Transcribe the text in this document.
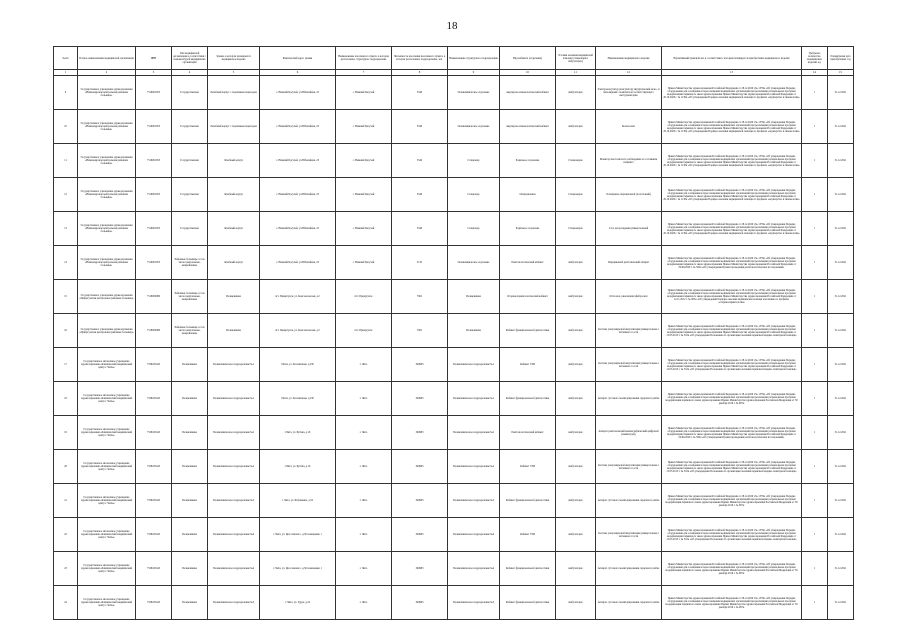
18
№п/п	Полное наименование медицинской организации	ИНН	Тип медицинской организации в соответствии с номенклатурой медицинских организаций	Здание, в котором размещается медицинское изделие	Фактический адрес здания	Наименование населенного пункта, в котором расположено структурное подразделение	Численность населения населенного пункта, в котором расположено подразделение, чел.	Наименование структурного подразделения	Вид кабинета (отделения)	Условия оказания медицинской помощи (стационарно/амбулаторно)	Наименование медицинского изделия	Нормативный правовой акт, в соответствии с которым планируется приобретение медицинского изделия	Требуемое количество медицинских изделий, ед.	Планируемая дата приобретения, год
1	2	3	4	5	6	7	8	9	10	11	12	13	14	15
9	Государственное учреждение здравоохранения «Нижнецарская центральная районная больница»	7516001953	Государственная	Лечебный корпус с подземным переходом	с. Нижний Цасучей, ул.Юбилейная, 23	с. Нижний Цасучей	3540	Поликлиническое отделение	Акушерско-гинекологический кабинет	Амбулаторно	Электрокоагулятор (коагулятор) хирургический моно- и биполярный с комплектом соответствующего инструментария	Приказ Министерства здравоохранения Российской Федерации от 28.12.2020 г.№ 1379н «Об утверждении Порядка оборудования для оснащения и переоснащения медицинских организаций при реализации региональных программ модернизации первичного звена здравоохранения Приказ Министерства здравоохранения Российской Федерации от 20.10.2020 г. № 1130н «Об утверждении Порядка оказания медицинской помощи по профилю «акушерство и гинекология»	1	31.12.2021
10	Государственное учреждение здравоохранения «Нижнецарская центральная районная больница»	7516001953	Государственная	Лечебный корпус с подземным переходом	с. Нижний Цасучей, ул.Юбилейная, 23	с. Нижний Цасучей	3540	Поликлиническое отделение	Акушерско-гинекологический кабинет	Амбулаторно	Кольпоскоп	Приказ Министерства здравоохранения Российской Федерации от 28.12.2020 г.№ 1379н «Об утверждении Порядка оборудования для оснащения и переоснащения медицинских организаций при реализации региональных программ модернизации первичного звена здравоохранения Приказ Министерства здравоохранения Российской Федерации от 20.10.2020 г. № 1130н «Об утверждении Порядка оказания медицинской помощи по профилю «акушерство и гинекология»	1	31.12.2021
11	Государственное учреждение здравоохранения «Нижнецарская центральная районная больница»	7516001953	Государственная	Лечебный корпус	с. Нижний Цасучей, ул.Юбилейная, 23	с. Нижний Цасучей	3540	Стационар	Родильное отделение	Стационарно	Монитор анестезиолога, наблюдения за состоянием пациента	Приказ Министерства здравоохранения Российской Федерации от 28.12.2020 г.№ 1379н «Об утверждении Порядка оборудования для оснащения и переоснащения медицинских организаций при реализации региональных программ модернизации первичного звена здравоохранения Приказ Министерства здравоохранения Российской Федерации от 20.10.2020 г. № 1130н «Об утверждении Порядка оказания медицинской помощи по профилю «акушерство и гинекология»	1	31.12.2021
12	Государственное учреждение здравоохранения «Нижнецарская центральная районная больница»	7516001953	Государственная	Лечебный корпус	с. Нижний Цасучей, ул.Юбилейная, 23	с. Нижний Цасучей	3540	Стационар	Операционная	Стационарно	Оснащение операционной (пототечный)	Приказ Министерства здравоохранения Российской Федерации от 28.12.2020 г.№ 1379н «Об утверждении Порядка оборудования для оснащения и переоснащения медицинских организаций при реализации региональных программ модернизации первичного звена здравоохранения Приказ Министерства здравоохранения Российской Федерации от 20.10.2020 г. № 1130н «Об утверждении Порядка оказания медицинской помощи по профилю «акушерство и гинекология»	1	31.12.2021
13	Государственное учреждение здравоохранения «Нижнецарская центральная районная больница»	7516001953	Государственная	Лечебный корпус	с. Нижний Цасучей, ул.Юбилейная, 23	с. Нижний Цасучей	3540	Стационар	Родильное отделение	Стационарно	Стол деторождения универсальный	Приказ Министерства здравоохранения Российской Федерации от 28.12.2020 г.№ 1379н «Об утверждении Порядка оборудования для оснащения и переоснащения медицинских организаций при реализации региональных программ модернизации первичного звена здравоохранения Приказ Министерства здравоохранения Российской Федерации от 20.10.2020 г. № 1130н «Об утверждении Порядка оказания медицинской помощи по профилю «акушерство и гинекология»	1	31.12.2021
14	Государственное учреждение здравоохранения «Нижнецарская центральная районная больница»	7516001953	Районные больницы, в том числе центральные, межрайонные	Лечебный корпус	с. Нижний Цасучей, ул.Юбилейная, 23	с. Нижний Цасучей	3132	Поликлиническое отделение	Рентгенологический кабинет	Амбулаторно	Передвижной рентгеновский аппарат	Приказ Министерства здравоохранения Российской Федерации от 28.12.2020 г.№ 1379н «Об утверждении Порядка оборудования для оснащения и переоснащения медицинских организаций при реализации региональных программ модернизации первичного звена здравоохранения Приказ Министерства здравоохранения Российской Федерации от 09.06.2020 г. № 560н «Об утверждении Правил проведения рентгенологических исследований»	1	31.12.2021
15	Государственное учреждение здравоохранения «Приаргунская центральная районная больница»	7518000980	Районные больницы, в том числе центральные, межрайонные	Поликлиника	пгт. Приаргунск, ул. Комсомольская, д.2	пгт. Приаргунск	7061	Поликлиника	Оториноларингологический кабинет	Амбулаторно	Оптоскоп, риноларингофиброскоп	Приказ Министерства здравоохранения Российской Федерации от 28.12.2020 г.№ 1379н «Об утверждении Порядка оборудования для оснащения и переоснащения медицинских организаций при реализации региональных программ модернизации первичного звена здравоохранения Приказ Министерства здравоохранения Российской Федерации от 12.11.2012 г. № 905н «Об утверждении Порядка оказания медицинской помощи населению по профилю «оториноларингология»	1	31.12.2021
16	Государственное учреждение здравоохранения «Приаргунская центральная районная больница»	7518000980	Районные больницы, в том числе центральные, межрайонные	Поликлиника	пгт. Приаргунск, ул. Комсомольская, д.2	пгт. Приаргунск	7061	Поликлиника	Кабинет функциональной диагностики	Амбулаторно	Система ультразвуковой визуализации универсальная с питанием от сети	Приказ Министерства здравоохранения Российской Федерации от 28.12.2020 г.№ 1379н «Об утверждении Порядка оборудования для оснащения и переоснащения медицинских организаций при реализации региональных программ модернизации первичного звена здравоохранения Приказ Министерства здравоохранения Российской Федерации от 15.03.2013 г. № 510н «Об утверждении Положения об организации оказания первичной медико-санитарной помощи»	1	31.12.2021
17	Государственное автономное учреждение здравоохранения «Клинический медицинский центр г. Читы»	7536165445	Поликлиника	Поликлиническое подразделение №1	г.Чита, ул. Богомягкова, д.23б	г. Чита	349983	Поликлиническое подразделение №1	Кабинет УЗИ	Амбулаторно	Система ультразвуковой визуализации универсальная с питанием от сети	Приказ Министерства здравоохранения Российской Федерации от 28.12.2020 г.№ 1379н «Об утверждении Порядка оборудования для оснащения и переоснащения медицинских организаций при реализации региональных программ модернизации первичного звена здравоохранения Приказ Министерства здравоохранения Российской Федерации от 15.03.2013 г. № 510н «Об утверждении Положения об организации оказания первичной медико-санитарной помощи»	1	31.12.2021
18	Государственное автономное учреждение здравоохранения «Клинический медицинский центр г. Читы»	7536165445	Поликлиника	Поликлиническое подразделение №1	г.Чита, ул. Богомягкова, д.23б	г. Чита	349983	Поликлиническое подразделение №1	Кабинет функциональной диагностики	Амбулаторно	Аппарат суточного мониторирования сердечного ритма	Приказ Министерства здравоохранения Российской Федерации от 28.12.2020 г.№ 1379н «Об утверждении Порядка оборудования для оснащения и переоснащения медицинских организаций при реализации региональных программ модернизации первичного звена здравоохранения Приказ Министерства здравоохранения Российской Федерации от 30 декабря 2016 г. № 997н	1	31.12.2021
19	Государственное автономное учреждение здравоохранения «Клинический медицинский центр г. Читы»	7536165445	Поликлиника	Поликлиническое подразделение №2	г.Чита, ул. Бутина, д.16	г. Чита	349983	Поликлиническое подразделение №2	Рентгенологический кабинет	Амбулаторно	Аппарат рентгеновский маммографический цифровой (маммограф)	Приказ Министерства здравоохранения Российской Федерации от 28.12.2020 г.№ 1379н «Об утверждении Порядка оборудования для оснащения и переоснащения медицинских организаций при реализации региональных программ модернизации первичного звена здравоохранения Приказ Министерства здравоохранения Российской Федерации от 09.06.2020 г. № 560н «Об утверждении Правил проведения рентгенологических исследований»	1	31.12.2021
20	Государственное автономное учреждение здравоохранения «Клинический медицинский центр г. Читы»	7536165445	Поликлиника	Поликлиническое подразделение №2	г.Чита, ул. Бутина, д.16	г. Чита	349983	Поликлиническое подразделение №2	Кабинет УЗИ	Амбулаторно	Система ультразвуковой визуализации универсальная с питанием от сети	Приказ Министерства здравоохранения Российской Федерации от 28.12.2020 г.№ 1379н «Об утверждении Порядка оборудования для оснащения и переоснащения медицинских организаций при реализации региональных программ модернизации первичного звена здравоохранения Приказ Министерства здравоохранения Российской Федерации от 15.03.2013 г. № 510н «Об утверждении Положения об организации оказания первичной медико-санитарной помощи»	1	31.12.2021
21	Государственное автономное учреждение здравоохранения «Клинический медицинский центр г. Читы»	7536165445	Поликлиника	Поликлиническое подразделение №3	г. Чита, ул. Бабушкина, д.54	г. Чита	349983	Поликлиническое подразделение №3	Кабинет функциональной диагностики	Амбулаторно	Аппарат суточного мониторирования сердечного ритма	Приказ Министерства здравоохранения Российской Федерации от 28.12.2020 г.№ 1379н «Об утверждении Порядка оборудования для оснащения и переоснащения медицинских организаций при реализации региональных программ модернизации первичного звена здравоохранения Приказ Министерства здравоохранения Российской Федерации от 30 декабря 2016 г. № 997н	1	31.12.2021
22	Государственное автономное учреждение здравоохранения «Клинический медицинский центр г. Читы»	7536165445	Поликлиника	Поликлиническое подразделение №4	г. Чита, ул. Ярославского, д.30 помещение 1	г. Чита	349983	Поликлиническое подразделение №4	Кабинет УЗИ	Амбулаторно	Система ультразвуковой визуализации универсальная с питанием от сети	Приказ Министерства здравоохранения Российской Федерации от 28.12.2020 г.№ 1379н «Об утверждении Порядка оборудования для оснащения и переоснащения медицинских организаций при реализации региональных программ модернизации первичного звена здравоохранения Приказ Министерства здравоохранения Российской Федерации от 15.03.2013 г. № 510н «Об утверждении Положения об организации оказания первичной медико-санитарной помощи»	1	31.12.2021
23	Государственное автономное учреждение здравоохранения «Клинический медицинский центр г. Читы»	7536165445	Поликлиника	Поликлиническое подразделение №4	г. Чита, ул. Ярославского, д.30 помещение 1	г. Чита	349983	Поликлиническое подразделение №4	Кабинет функциональной диагностики	Амбулаторно	Аппарат суточного мониторирования сердечного ритма	Приказ Министерства здравоохранения Российской Федерации от 28.12.2020 г.№ 1379н «Об утверждении Порядка оборудования для оснащения и переоснащения медицинских организаций при реализации региональных программ модернизации первичного звена здравоохранения Приказ Министерства здравоохранения Российской Федерации от 30 декабря 2016 г. № 997н	1	31.12.2021
24	Государственное автономное учреждение здравоохранения «Клинический медицинский центр г. Читы»	7536165445	Поликлиника	Поликлиническое подразделение №5	г. Чита, ул. Труда, д.24	г. Чита	349983	Поликлиническое подразделение №5	Кабинет функциональной диагностики	Амбулаторно	Аппарат суточного мониторирования сердечного ритма	Приказ Министерства здравоохранения Российской Федерации от 28.12.2020 г.№ 1379н «Об утверждении Порядка оборудования для оснащения и переоснащения медицинских организаций при реализации региональных программ модернизации первичного звена здравоохранения Приказ Министерства здравоохранения Российской Федерации от 30 декабря 2016 г. № 997н	1	31.12.2021
